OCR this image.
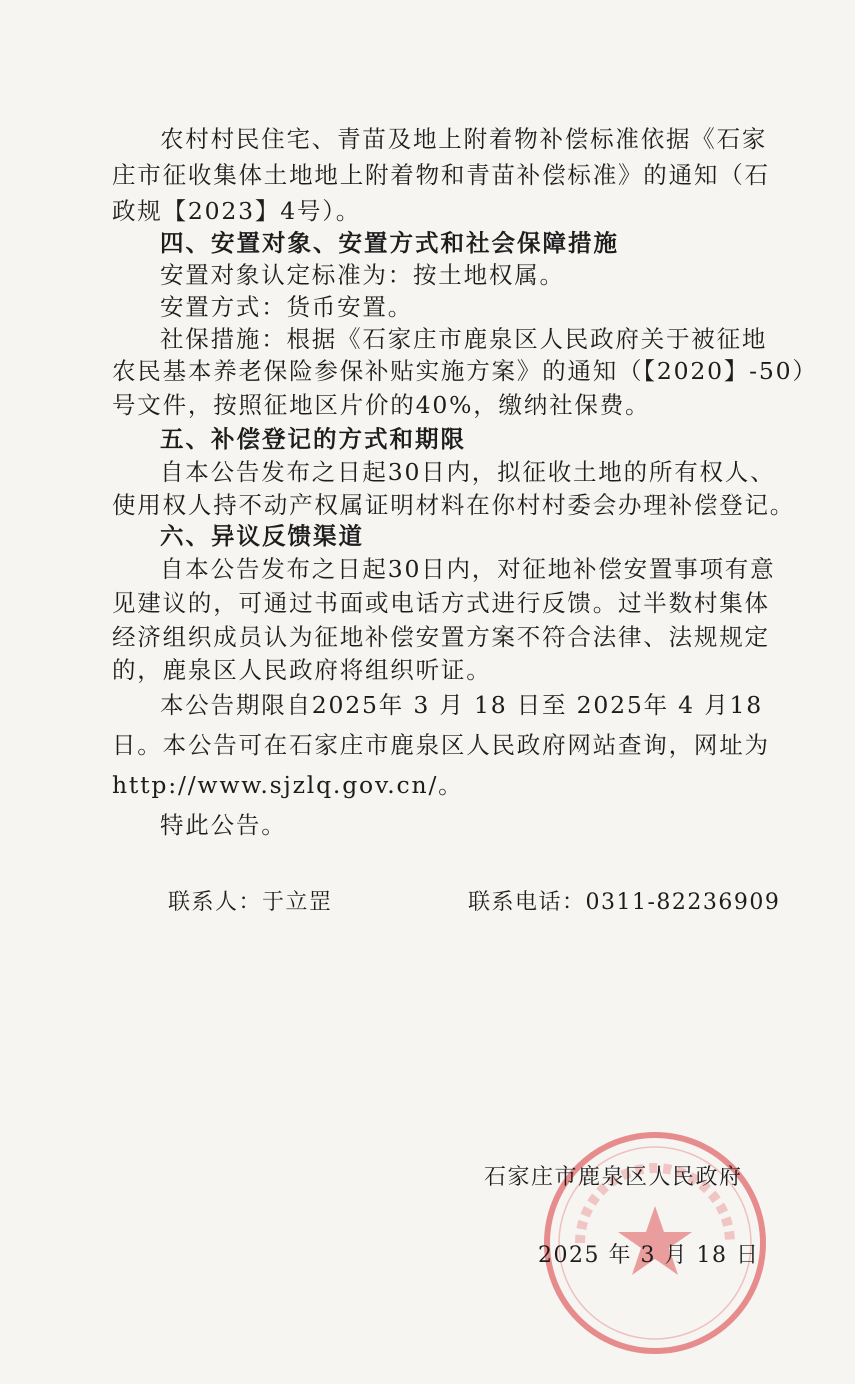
农村村民住宅、青苗及地上附着物补偿标准依据《石家
庄市征收集体土地地上附着物和青苗补偿标准》的通知（石
政规【2023】4号）。
四、安置对象、安置方式和社会保障措施
安置对象认定标准为：按土地权属。
安置方式：货币安置。
社保措施：根据《石家庄市鹿泉区人民政府关于被征地
农民基本养老保险参保补贴实施方案》的通知（【2020】-50）
号文件，按照征地区片价的40%，缴纳社保费。
五、补偿登记的方式和期限
自本公告发布之日起30日内，拟征收土地的所有权人、
使用权人持不动产权属证明材料在你村村委会办理补偿登记。
六、异议反馈渠道
自本公告发布之日起30日内，对征地补偿安置事项有意
见建议的，可通过书面或电话方式进行反馈。过半数村集体
经济组织成员认为征地补偿安置方案不符合法律、法规规定
的，鹿泉区人民政府将组织听证。
本公告期限自2025年 3 月 18 日至 2025年 4 月18
日。本公告可在石家庄市鹿泉区人民政府网站查询，网址为
http://www.sjzlq.gov.cn/。
特此公告。
联系人：于立罡	联系电话：0311-82236909
石家庄市鹿泉区人民政府
2025 年 3 月 18 日
